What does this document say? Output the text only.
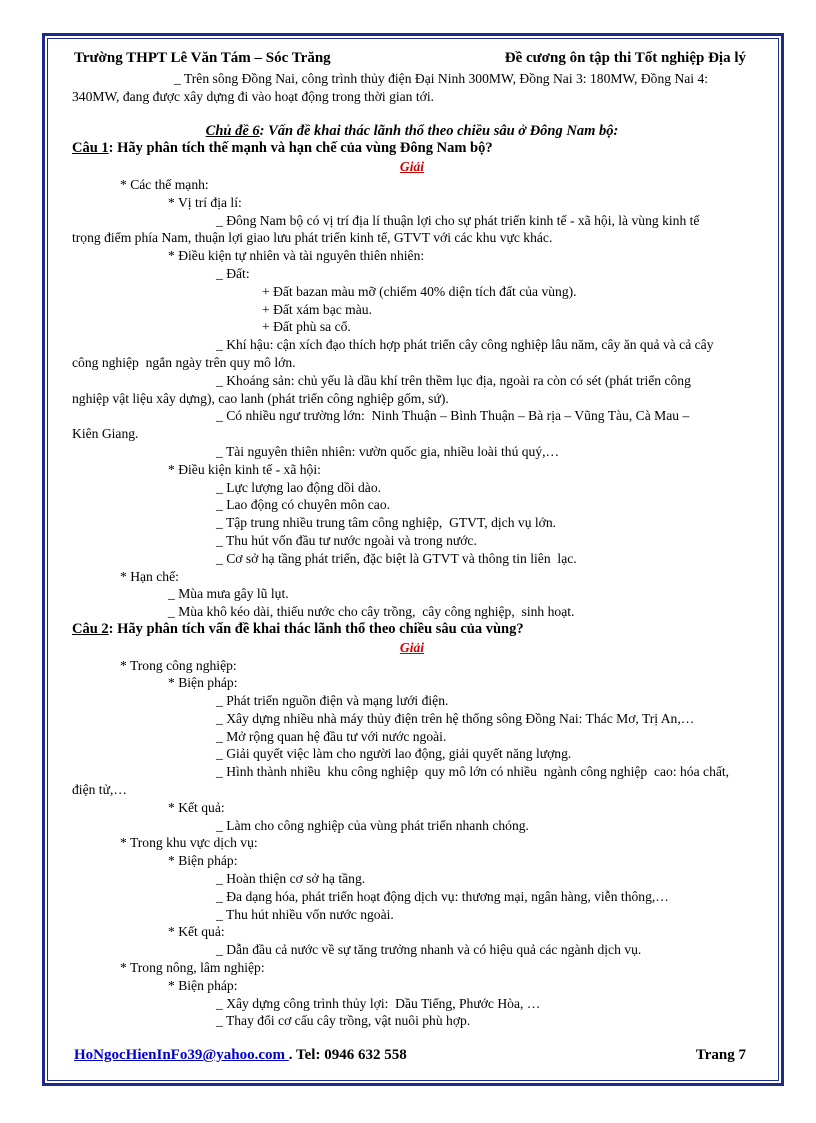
Trường THPT Lê Văn Tám – Sóc Trăng	Đề cương ôn tập thi Tốt nghiệp Địa lý
_ Trên sông Đồng Nai, công trình thủy điện Đại Ninh 300MW, Đồng Nai 3: 180MW, Đồng Nai 4:
340MW, đang được xây dựng đi vào hoạt động trong thời gian tới.
Chủ đề 6: Vấn đề khai thác lãnh thổ theo chiều sâu ở Đông Nam bộ:
Câu 1: Hãy phân tích thế mạnh và hạn chế của vùng Đông Nam bộ?
Giải
* Các thế mạnh:
* Vị trí địa lí:
_ Đông Nam bộ có vị trí địa lí thuận lợi cho sự phát triển kinh tế - xã hội, là vùng kinh tế
trọng điểm phía Nam, thuận lợi giao lưu phát triển kinh tế, GTVT với các khu vực khác.
* Điều kiện tự nhiên và tài nguyên thiên nhiên:
_ Đất:
+ Đất bazan màu mỡ (chiếm 40% diện tích đất của vùng).
+ Đất xám bạc màu.
+ Đất phù sa cổ.
_ Khí hậu: cận xích đạo thích hợp phát triển cây công nghiệp lâu năm, cây ăn quả và cả cây
công nghiệp  ngắn ngày trên quy mô lớn.
_ Khoáng sản: chủ yếu là dầu khí trên thềm lục địa, ngoài ra còn có sét (phát triển công
nghiệp vật liệu xây dựng), cao lanh (phát triển công nghiệp gốm, sứ).
_ Có nhiều ngư trường lớn:  Ninh Thuận – Bình Thuận – Bà rịa – Vũng Tàu, Cà Mau –
Kiên Giang.
_ Tài nguyên thiên nhiên: vườn quốc gia, nhiều loài thú quý,…
* Điều kiện kinh tế - xã hội:
_ Lực lượng lao động dồi dào.
_ Lao động có chuyên môn cao.
_ Tập trung nhiều trung tâm công nghiệp,  GTVT, dịch vụ lớn.
_ Thu hút vốn đầu tư nước ngoài và trong nước.
_ Cơ sở hạ tầng phát triển, đặc biệt là GTVT và thông tin liên  lạc.
* Hạn chế:
_ Mùa mưa gây lũ lụt.
_ Mùa khô kéo dài, thiếu nước cho cây trồng,  cây công nghiệp,  sinh hoạt.
Câu 2: Hãy phân tích vấn đề khai thác lãnh thổ theo chiều sâu của vùng?
Giải
* Trong công nghiệp:
* Biện pháp:
_ Phát triển nguồn điện và mạng lưới điện.
_ Xây dựng nhiều nhà máy thủy điện trên hệ thống sông Đồng Nai: Thác Mơ, Trị An,…
_ Mở rộng quan hệ đầu tư với nước ngoài.
_ Giải quyết việc làm cho người lao động, giải quyết năng lượng.
_ Hình thành nhiều  khu công nghiệp  quy mô lớn có nhiều  ngành công nghiệp  cao: hóa chất,
điện tử,…
* Kết quả:
_ Làm cho công nghiệp của vùng phát triển nhanh chóng.
* Trong khu vực dịch vụ:
* Biện pháp:
_ Hoàn thiện cơ sở hạ tầng.
_ Đa dạng hóa, phát triển hoạt động dịch vụ: thương mại, ngân hàng, viễn thông,…
_ Thu hút nhiều vốn nước ngoài.
* Kết quả:
_ Dẫn đầu cả nước về sự tăng trưởng nhanh và có hiệu quả các ngành dịch vụ.
* Trong nông, lâm nghiệp:
* Biện pháp:
_ Xây dựng công trình thủy lợi:  Dầu Tiếng, Phước Hòa, …
_ Thay đổi cơ cấu cây trồng, vật nuôi phù hợp.
HoNgocHienInFo39@yahoo.com . Tel: 0946 632 558	Trang 7
